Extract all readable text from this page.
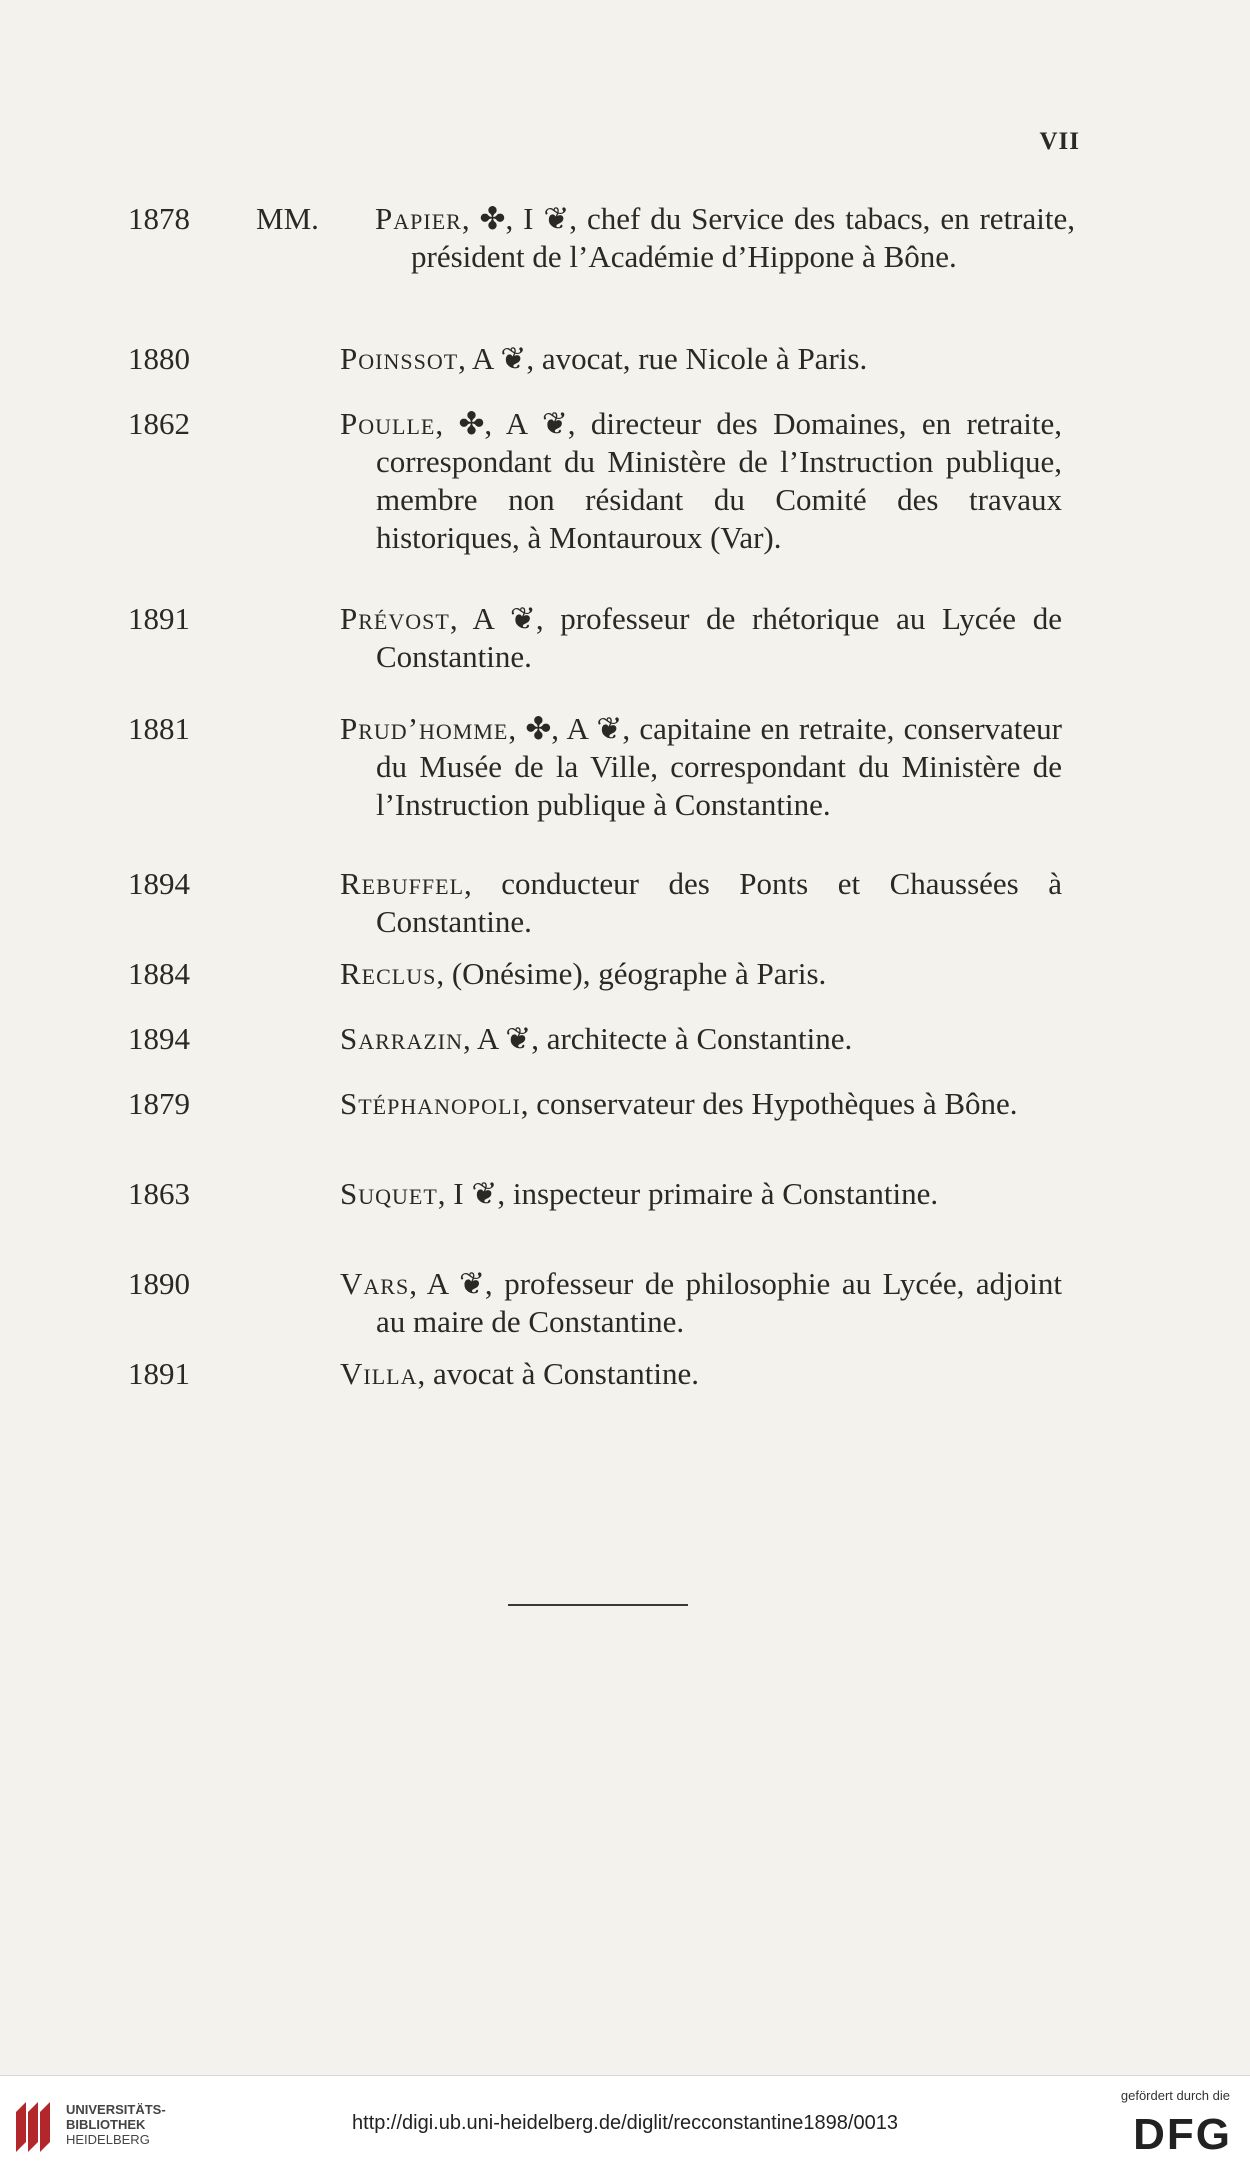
VII
1878	MM. Papier, ✤, I ❦, chef du Service des tabacs, en retraite, président de l’Académie d’Hippone à Bône.
1880	Poinssot, A ❦, avocat, rue Nicole à Paris.
1862	Poulle, ✤, A ❦, directeur des Domaines, en retraite, correspondant du Ministère de l’Instruction publique, membre non résidant du Comité des travaux historiques, à Montauroux (Var).
1891	Prévost, A ❦, professeur de rhétorique au Lycée de Constantine.
1881	Prud’homme, ✤, A ❦, capitaine en retraite, conservateur du Musée de la Ville, correspondant du Ministère de l’Instruction publique à Constantine.
1894	Rebuffel, conducteur des Ponts et Chaussées à Constantine.
1884	Reclus, (Onésime), géographe à Paris.
1894	Sarrazin, A ❦, architecte à Constantine.
1879	Stéphanopoli, conservateur des Hypothèques à Bône.
1863	Suquet, I ❦, inspecteur primaire à Constantine.
1890	Vars, A ❦, professeur de philosophie au Lycée, adjoint au maire de Constantine.
1891	Villa, avocat à Constantine.
UNIVERSITÄTS-
BIBLIOTHEK
HEIDELBERG
http://digi.ub.uni-heidelberg.de/diglit/recconstantine1898/0013
gefördert durch die
DFG
